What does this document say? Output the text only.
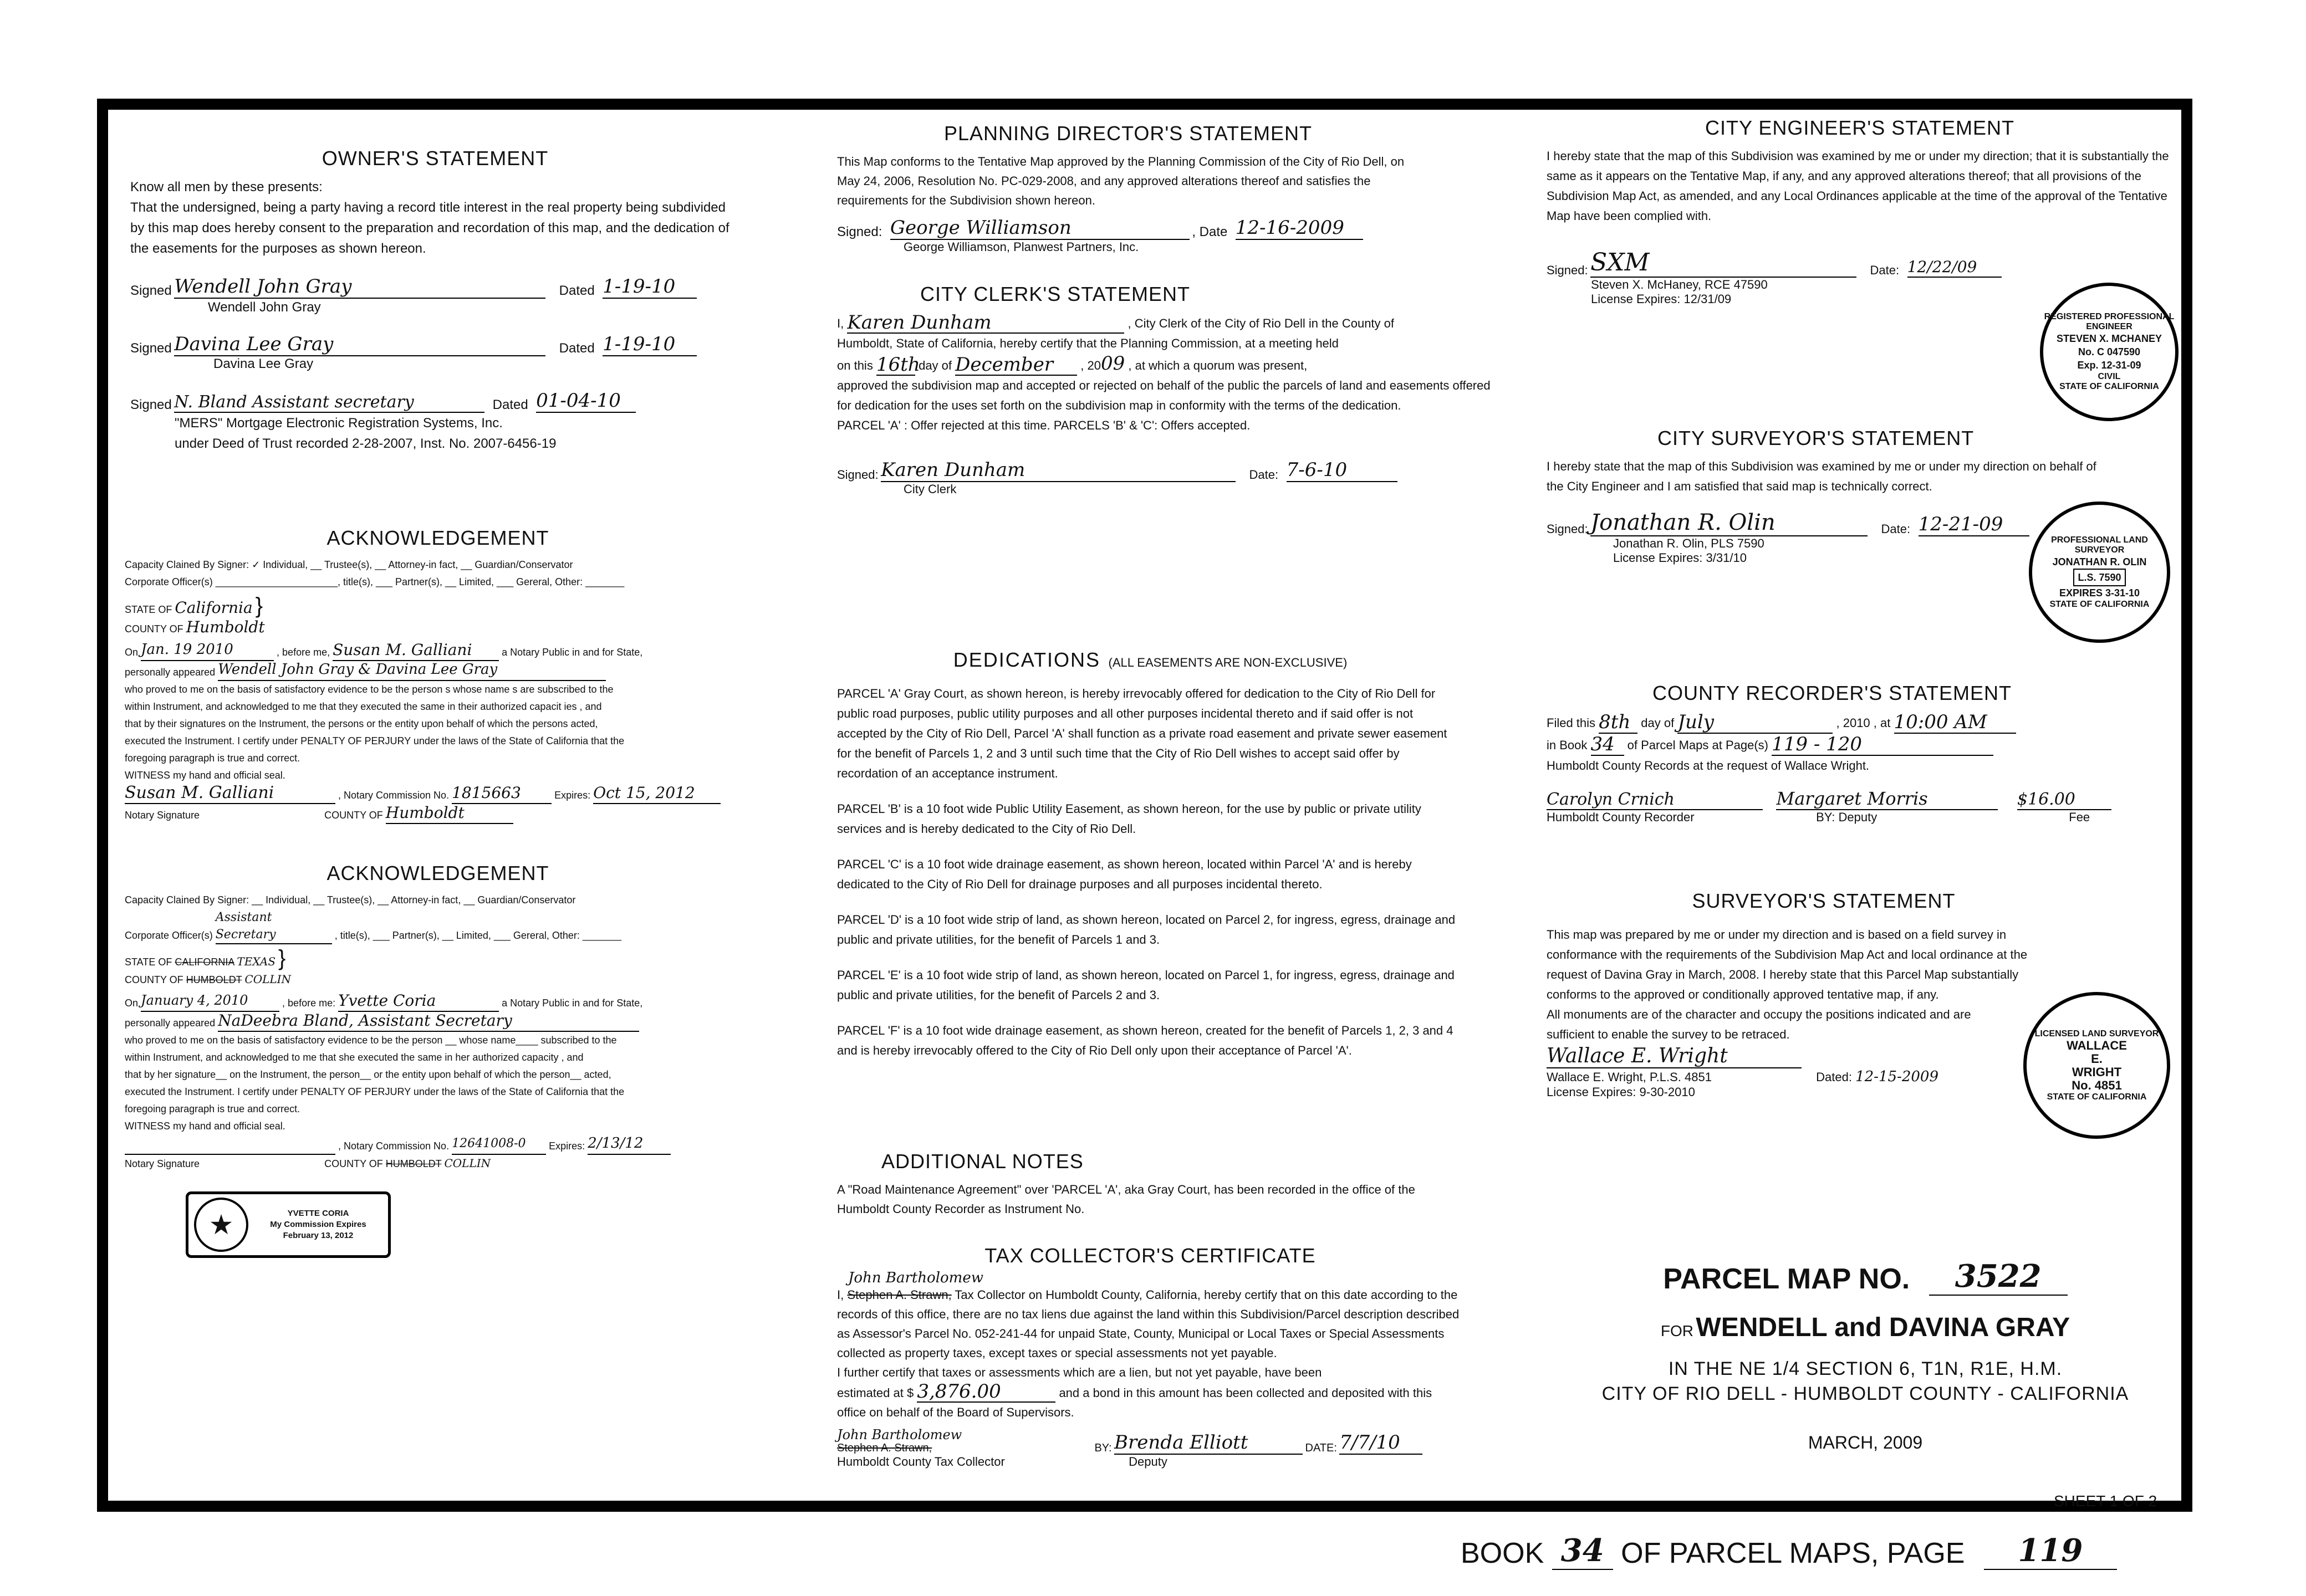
OWNER'S STATEMENT
Know all men by these presents:
That the undersigned, being a party having a record title interest in the real property being subdivided by this map does hereby consent to the preparation and recordation of this map, and the dedication of the easements for the purposes as shown hereon.
Signed Wendell John Gray	Dated 1-19-10
Wendell John Gray
Signed Davina Lee Gray	Dated 1-19-10
Davina Lee Gray
Signed N. Bland Assistant secretary	Dated 01-04-10
"MERS" Mortgage Electronic Registration Systems, Inc.
under Deed of Trust recorded 2-28-2007, Inst. No. 2007-6456-19
ACKNOWLEDGEMENT
Capacity Clained By Signer: ✓ Individual, __ Trustee(s), __ Attorney-in fact, __ Guardian/Conservator
Corporate Officer(s) ______________________, title(s), ___ Partner(s), __ Limited, ___ Gereral, Other: _______
STATE OF California }
COUNTY OF Humboldt
On Jan. 19 2010	, before me, Susan M. Galliani	a Notary Public in and for State,
personally appeared Wendell John Gray & Davina Lee Gray
who proved to me on the basis of satisfactory evidence to be the person s whose name s are subscribed to the
within Instrument, and acknowledged to me that they executed the same in their authorized capacit ies , and
that by their signatures on the Instrument, the persons or the entity upon behalf of which the persons acted,
executed the Instrument. I certify under PENALTY OF PERJURY under the laws of the State of California that the
foregoing paragraph is true and correct.
WITNESS my hand and official seal.
Susan M. Galliani	, Notary Commission No. 1815663	Expires: Oct 15, 2012
Notary Signature	COUNTY OF Humboldt
ACKNOWLEDGEMENT
Capacity Clained By Signer: __ Individual, __ Trustee(s), __ Attorney-in fact, __ Guardian/Conservator
Corporate Officer(s) Assistant Secretary	, title(s), ___ Partner(s), __ Limited, ___ Gereral, Other: _______
STATE OF CALIFORNIA TEXAS }
COUNTY OF HUMBOLDT COLLIN
On January 4, 2010	, before me: Yvette Coria	a Notary Public in and for State,
personally appeared NaDeebra Bland, Assistant Secretary
who proved to me on the basis of satisfactory evidence to be the person __ whose name____ subscribed to the
within Instrument, and acknowledged to me that she executed the same in her authorized capacity , and
that by her signature__ on the Instrument, the person__ or the entity upon behalf of which the person__ acted,
executed the Instrument. I certify under PENALTY OF PERJURY under the laws of the State of California that the
foregoing paragraph is true and correct.
WITNESS my hand and official seal.
, Notary Commission No. 12641008-0 Expires: 2/13/12
Notary Signature	COUNTY OF HUMBOLDT COLLIN
★	YVETTE CORIA
My Commission Expires
February 13, 2012
PLANNING DIRECTOR'S STATEMENT
This Map conforms to the Tentative Map approved by the Planning Commission of the City of Rio Dell, on May 24, 2006, Resolution No. PC-029-2008, and any approved alterations thereof and satisfies the requirements for the Subdivision shown hereon.
Signed: George Williamson	, Date 12-16-2009
George Williamson, Planwest Partners, Inc.
CITY CLERK'S STATEMENT
I, Karen Dunham	, City Clerk of the City of Rio Dell in the County of
Humboldt, State of California, hereby certify that the Planning Commission, at a meeting held
on this 16th day of December , 2009 , at which a quorum was present,
approved the subdivision map and accepted or rejected on behalf of the public the parcels of land and easements offered for dedication for the uses set forth on the subdivision map in conformity with the terms of the dedication.
PARCEL 'A' : Offer rejected at this time. PARCELS 'B' & 'C': Offers accepted.
Signed: Karen Dunham	Date: 7-6-10
City Clerk
DEDICATIONS (ALL EASEMENTS ARE NON-EXCLUSIVE)

PARCEL 'A' Gray Court, as shown hereon, is hereby irrevocably offered for dedication to the City of Rio Dell for public road purposes, public utility purposes and all other purposes incidental thereto and if said offer is not accepted by the City of Rio Dell, Parcel 'A' shall function as a private road easement and private sewer easement for the benefit of Parcels 1, 2 and 3 until such time that the City of Rio Dell wishes to accept said offer by recordation of an acceptance instrument.

PARCEL 'B' is a 10 foot wide Public Utility Easement, as shown hereon, for the use by public or private utility services and is hereby dedicated to the City of Rio Dell.

PARCEL 'C' is a 10 foot wide drainage easement, as shown hereon, located within Parcel 'A' and is hereby dedicated to the City of Rio Dell for drainage purposes and all purposes incidental thereto.

PARCEL 'D' is a 10 foot wide strip of land, as shown hereon, located on Parcel 2, for ingress, egress, drainage and public and private utilities, for the benefit of Parcels 1 and 3.

PARCEL 'E' is a 10 foot wide strip of land, as shown hereon, located on Parcel 1, for ingress, egress, drainage and public and private utilities, for the benefit of Parcels 2 and 3.

PARCEL 'F' is a 10 foot wide drainage easement, as shown hereon, created for the benefit of Parcels 1, 2, 3 and 4 and is hereby irrevocably offered to the City of Rio Dell only upon their acceptance of Parcel 'A'.

ADDITIONAL NOTES
A "Road Maintenance Agreement" over 'PARCEL 'A', aka Gray Court, has been recorded in the office of the Humboldt County Recorder as Instrument No.
TAX COLLECTOR'S CERTIFICATE
John Bartholomew
I, Stephen A. Strawn, Tax Collector on Humboldt County, California, hereby certify that on this date according to the records of this office, there are no tax liens due against the land within this Subdivision/Parcel description described as Assessor's Parcel No. 052-241-44 for unpaid State, County, Municipal or Local Taxes or Special Assessments collected as property taxes, except taxes or special assessments not yet payable.
I further certify that taxes or assessments which are a lien, but not yet payable, have been
estimated at $ 3,876.00	and a bond in this amount has been collected and deposited with this office on behalf of the Board of Supervisors.
John Bartholomew
Stephen A. Strawn,	BY: Brenda Elliott	DATE: 7/7/10
Humboldt County Tax Collector	Deputy
CITY ENGINEER'S STATEMENT
I hereby state that the map of this Subdivision was examined by me or under my direction; that it is substantially the same as it appears on the Tentative Map, if any, and any approved alterations thereof; that all provisions of the Subdivision Map Act, as amended, and any Local Ordinances applicable at the time of the approval of the Tentative Map have been complied with.
Signed: SXM	Date: 12/22/09
Steven X. McHaney, RCE 47590
License Expires: 12/31/09
REGISTERED PROFESSIONAL ENGINEER
STEVEN X. MCHANEY
No. C 047590
Exp. 12-31-09
CIVIL
STATE OF CALIFORNIA
CITY SURVEYOR'S STATEMENT
I hereby state that the map of this Subdivision was examined by me or under my direction on behalf of the City Engineer and I am satisfied that said map is technically correct.
Signed: Jonathan R. Olin	Date: 12-21-09
Jonathan R. Olin, PLS 7590
License Expires: 3/31/10
PROFESSIONAL LAND SURVEYOR
JONATHAN R. OLIN
L.S. 7590
EXPIRES 3-31-10
STATE OF CALIFORNIA
COUNTY RECORDER'S STATEMENT
Filed this 8th day of July	, 2010 , at 10:00 AM
in Book 34 of Parcel Maps at Page(s) 119 - 120
Humboldt County Records at the request of Wallace Wright.
Carolyn Crnich	Margaret Morris	$16.00
Humboldt County Recorder	BY: Deputy	Fee
SURVEYOR'S STATEMENT
This map was prepared by me or under my direction and is based on a field survey in conformance with the requirements of the Subdivision Map Act and local ordinance at the request of Davina Gray in March, 2008. I hereby state that this Parcel Map substantially conforms to the approved or conditionally approved tentative map, if any.
All monuments are of the character and occupy the positions indicated and are sufficient to enable the survey to be retraced.
Wallace E. Wright
Wallace E. Wright, P.L.S. 4851	Dated: 12-15-2009
License Expires: 9-30-2010
LICENSED LAND SURVEYOR
WALLACE
E.
WRIGHT
No. 4851
STATE OF CALIFORNIA
PARCEL MAP NO. 3522
FOR WENDELL and DAVINA GRAY
IN THE NE 1/4 SECTION 6, T1N, R1E, H.M.
CITY OF RIO DELL - HUMBOLDT COUNTY - CALIFORNIA
MARCH, 2009
SHEET 1 OF 2
BOOK 34 OF PARCEL MAPS, PAGE 119
